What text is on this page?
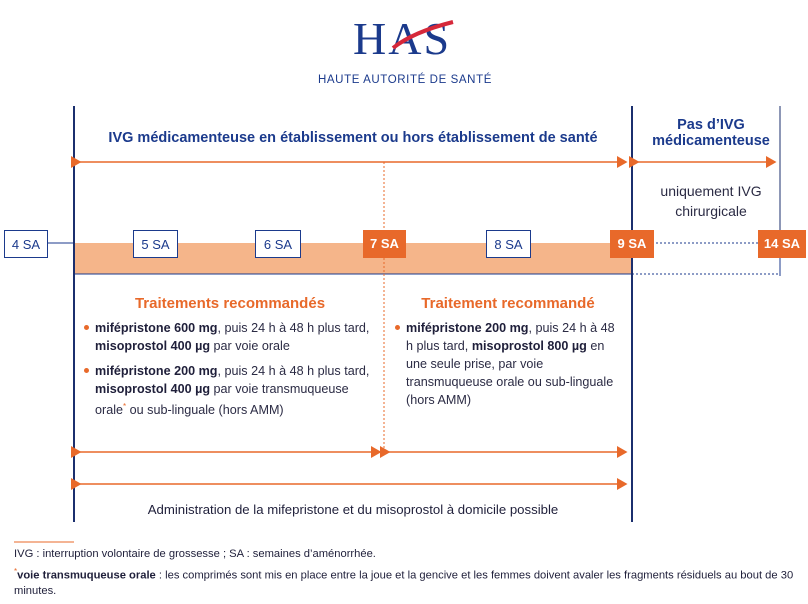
HAS
HAUTE AUTORITÉ DE SANTÉ
IVG médicamenteuse en établissement ou hors établissement de santé
Pas d’IVG
médicamenteuse
uniquement IVG
chirurgicale
4 SA	5 SA	6 SA	7 SA	8 SA	9 SA	14 SA
Traitements recommandés	Traitement recommandé
mifépristone 600 mg, puis 24 h à 48 h plus tard, misoprostol 400 µg par voie orale
mifépristone 200 mg, puis 24 h à 48 h plus tard, misoprostol 400 µg par voie transmuqueuse orale* ou sub-linguale (hors AMM)
mifépristone 200 mg, puis 24 h à 48 h plus tard, misoprostol 800 µg en une seule prise, par voie transmuqueuse orale ou sub-linguale (hors AMM)
Administration de la mifepristone et du misoprostol à domicile possible
IVG : interruption volontaire de grossesse ; SA : semaines d’aménorrhée.
*voie transmuqueuse orale : les comprimés sont mis en place entre la joue et la gencive et les femmes doivent avaler les fragments résiduels au bout de 30 minutes.
